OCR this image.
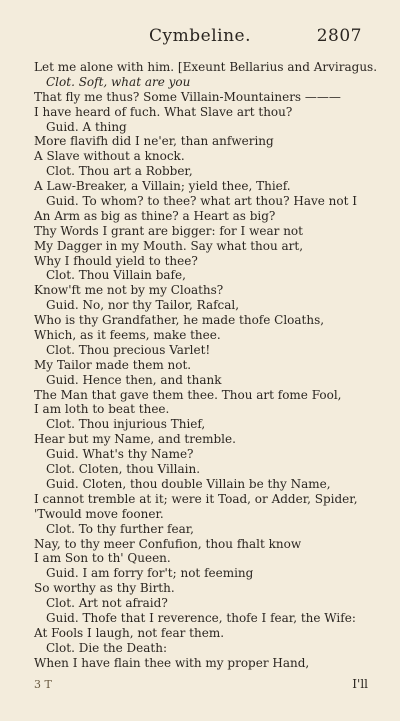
Cymbeline.	2807
Let me alone with him. [Exeunt Bellarius and Arviragus.
Clot. Soft, what are you
That fly me thus? Some Villain-Mountainers ———
I have heard of fuch. What Slave art thou?
Guid. A thing
More flavifh did I ne'er, than anfwering
A Slave without a knock.
Clot. Thou art a Robber,
A Law-Breaker, a Villain; yield thee, Thief.
Guid. To whom? to thee? what art thou? Have not I
An Arm as big as thine? a Heart as big?
Thy Words I grant are bigger: for I wear not
My Dagger in my Mouth. Say what thou art,
Why I fhould yield to thee?
Clot. Thou Villain bafe,
Know'ft me not by my Cloaths?
Guid. No, nor thy Tailor, Rafcal,
Who is thy Grandfather, he made thofe Cloaths,
Which, as it feems, make thee.
Clot. Thou precious Varlet!
My Tailor made them not.
Guid. Hence then, and thank
The Man that gave them thee. Thou art fome Fool,
I am loth to beat thee.
Clot. Thou injurious Thief,
Hear but my Name, and tremble.
Guid. What's thy Name?
Clot. Cloten, thou Villain.
Guid. Cloten, thou double Villain be thy Name,
I cannot tremble at it; were it Toad, or Adder, Spider,
'Twould move fooner.
Clot. To thy further fear,
Nay, to thy meer Confufion, thou fhalt know
I am Son to th' Queen.
Guid. I am forry for't; not feeming
So worthy as thy Birth.
Clot. Art not afraid?
Guid. Thofe that I reverence, thofe I fear, the Wife:
At Fools I laugh, not fear them.
Clot. Die the Death:
When I have flain thee with my proper Hand,
3 T	I'll
